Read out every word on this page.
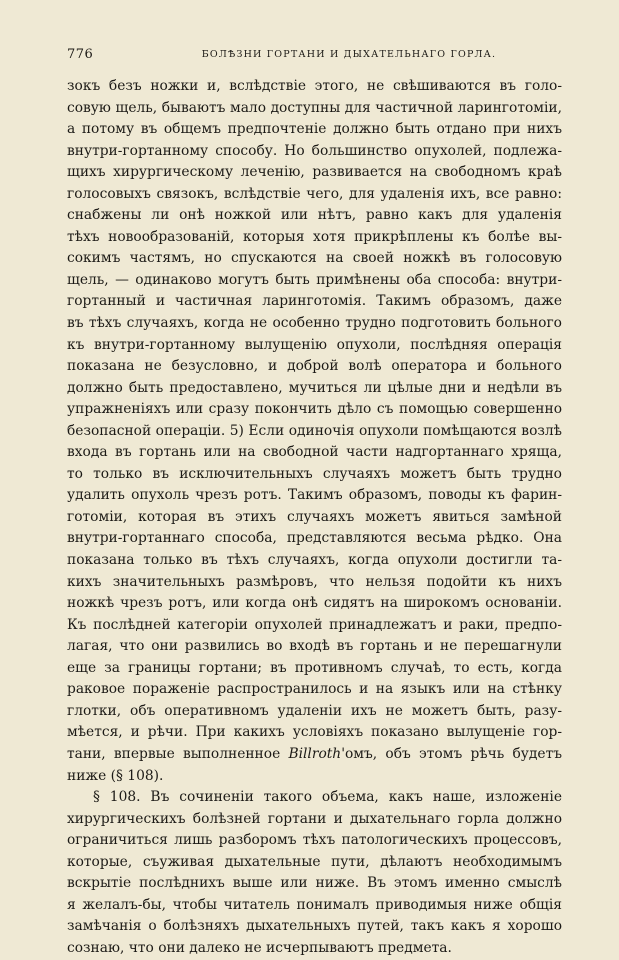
776	БОЛѢЗНИ ГОРТАНИ И ДЫХАТЕЛЬНАГО ГОРЛА.
зокъ безъ ножки и, вслѣдствіе этого, не свѣшиваются въ голо-
совую щель, бываютъ мало доступны для частичной ларинготоміи,
а потому въ общемъ предпочтеніе должно быть отдано при нихъ
внутри-гортанному способу. Но большинство опухолей, подлежа-
щихъ хирургическому леченію, развивается на свободномъ краѣ
голосовыхъ связокъ, вслѣдствіе чего, для удаленія ихъ, все равно:
снабжены ли онѣ ножкой или нѣтъ, равно какъ для удаленія
тѣхъ новообразованій, которыя хотя прикрѣплены къ болѣе вы-
сокимъ частямъ, но спускаются на своей ножкѣ въ голосовую
щель, — одинаково могутъ быть примѣнены оба способа: внутри-
гортанный и частичная ларинготомія. Такимъ образомъ, даже
въ тѣхъ случаяхъ, когда не особенно трудно подготовить больного
къ внутри-гортанному вылущенію опухоли, послѣдняя операція
показана не безусловно, и доброй волѣ оператора и больного
должно быть предоставлено, мучиться ли цѣлые дни и недѣли въ
упражненіяхъ или сразу покончить дѣло съ помощью совершенно
безопасной операціи. 5) Если одиночія опухоли помѣщаются возлѣ
входа въ гортань или на свободной части надгортаннаго хряща,
то только въ исключительныхъ случаяхъ можетъ быть трудно
удалить опухоль чрезъ ротъ. Такимъ образомъ, поводы къ фарин-
готоміи, которая въ этихъ случаяхъ можетъ явиться замѣной
внутри-гортаннаго способа, представляются весьма рѣдко. Она
показана только въ тѣхъ случаяхъ, когда опухоли достигли та-
кихъ значительныхъ размѣровъ, что нельзя подойти къ нихъ
ножкѣ чрезъ ротъ, или когда онѣ сидятъ на широкомъ основаніи.
Къ послѣдней категоріи опухолей принадлежатъ и раки, предпо-
лагая, что они развились во входѣ въ гортань и не перешагнули
еще за границы гортани; въ противномъ случаѣ, то есть, когда
раковое пораженіе распространилось и на языкъ или на стѣнку
глотки, объ оперативномъ удаленіи ихъ не можетъ быть, разу-
мѣется, и рѣчи. При какихъ условіяхъ показано вылущеніе гор-
тани, впервые выполненное Billroth'омъ, объ этомъ рѣчь будетъ
ниже (§ 108).
§ 108. Въ сочиненіи такого объема, какъ наше, изложеніе
хирургическихъ болѣзней гортани и дыхательнаго горла должно
ограничиться лишь разборомъ тѣхъ патологическихъ процессовъ,
которые, съуживая дыхательные пути, дѣлаютъ необходимымъ
вскрытіе послѣднихъ выше или ниже. Въ этомъ именно смыслѣ
я желалъ-бы, чтобы читатель понималъ приводимыя ниже общія
замѣчанія о болѣзняхъ дыхательныхъ путей, такъ какъ я хорошо
сознаю, что они далеко не исчерпываютъ предмета.
